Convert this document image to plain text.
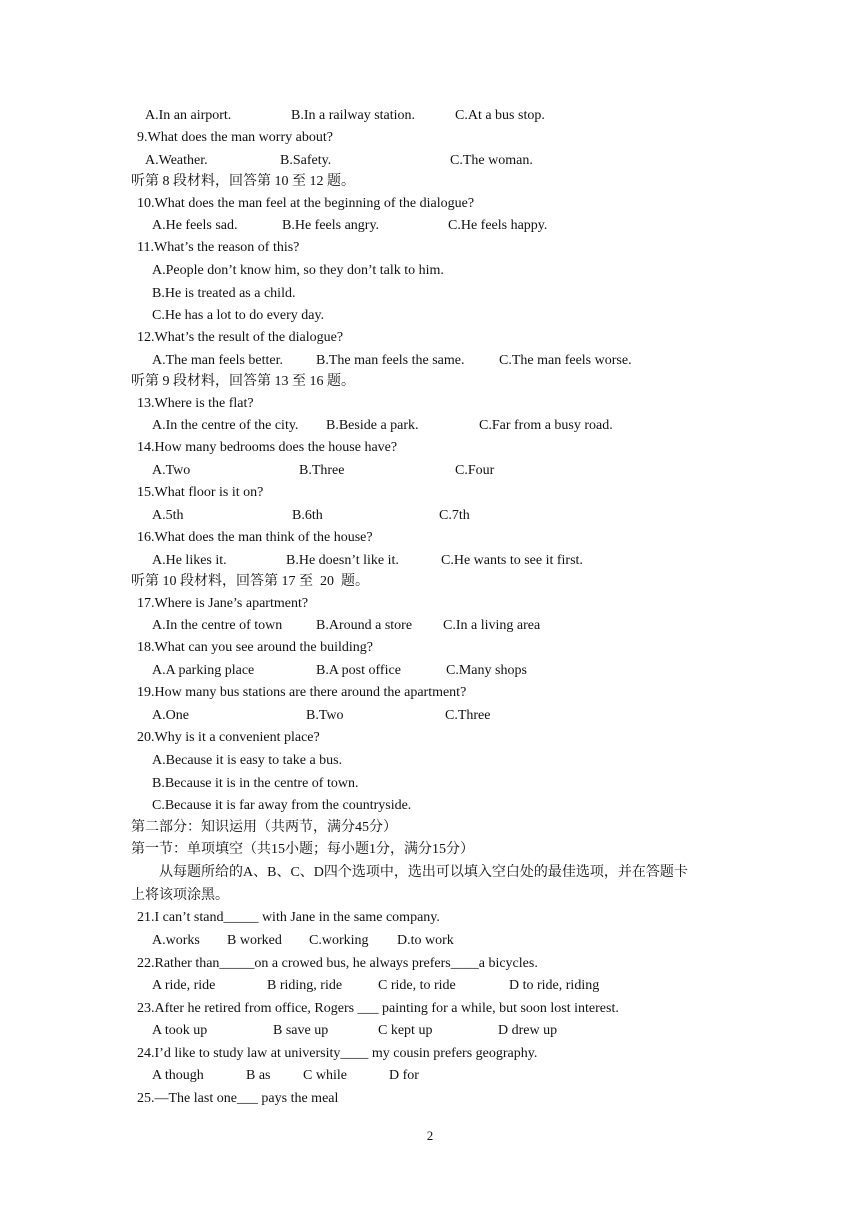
A.In an airport.	B.In a railway station.	C.At a bus stop.
9.What does the man worry about?
A.Weather.	B.Safety.	C.The woman.
听第 8 段材料，回答第 10 至 12 题。
10.What does the man feel at the beginning of the dialogue?
A.He feels sad.	B.He feels angry.	C.He feels happy.
11.What’s the reason of this?
A.People don’t know him, so they don’t talk to him.
B.He is treated as a child.
C.He has a lot to do every day.
12.What’s the result of the dialogue?
A.The man feels better. B.The man feels the same. C.The man feels worse.
听第 9 段材料，回答第 13 至 16 题。
13.Where is the flat?
A.In the centre of the city. B.Beside a park.	C.Far from a busy road.
14.How many bedrooms does the house have?
A.Two	B.Three	C.Four
15.What floor is it on?
A.5th	B.6th	C.7th
16.What does the man think of the house?
A.He likes it.	B.He doesn’t like it.	C.He wants to see it first.
听第 10 段材料，回答第 17 至  20  题。
17.Where is Jane’s apartment?
A.In the centre of town B.Around a store C.In a living area
18.What can you see around the building?
A.A parking place	B.A post office	C.Many shops
19.How many bus stations are there around the apartment?
A.One	B.Two	C.Three
20.Why is it a convenient place?
A.Because it is easy to take a bus.
B.Because it is in the centre of town.
C.Because it is far away from the countryside.
第二部分：知识运用（共两节，满分45分）
第一节：单项填空（共15小题；每小题1分，满分15分）
从每题所给的A、B、C、D四个选项中，选出可以填入空白处的最佳选项，并在答题卡
上将该项涂黑。
21.I can’t stand_____ with Jane in the same company.
A.works B worked C.working D.to work
22.Rather than_____on a crowed bus, he always prefers____a bicycles.
A ride, ride	B riding, ride	C ride, to ride	D to ride, riding
23.After he retired from office, Rogers ___ painting for a while, but soon lost interest.
A took up	B save up	C kept up	D drew up
24.I’d like to study law at university____ my cousin prefers geography.
A though	B as C while	D for
25.—The last one___ pays the meal
2
